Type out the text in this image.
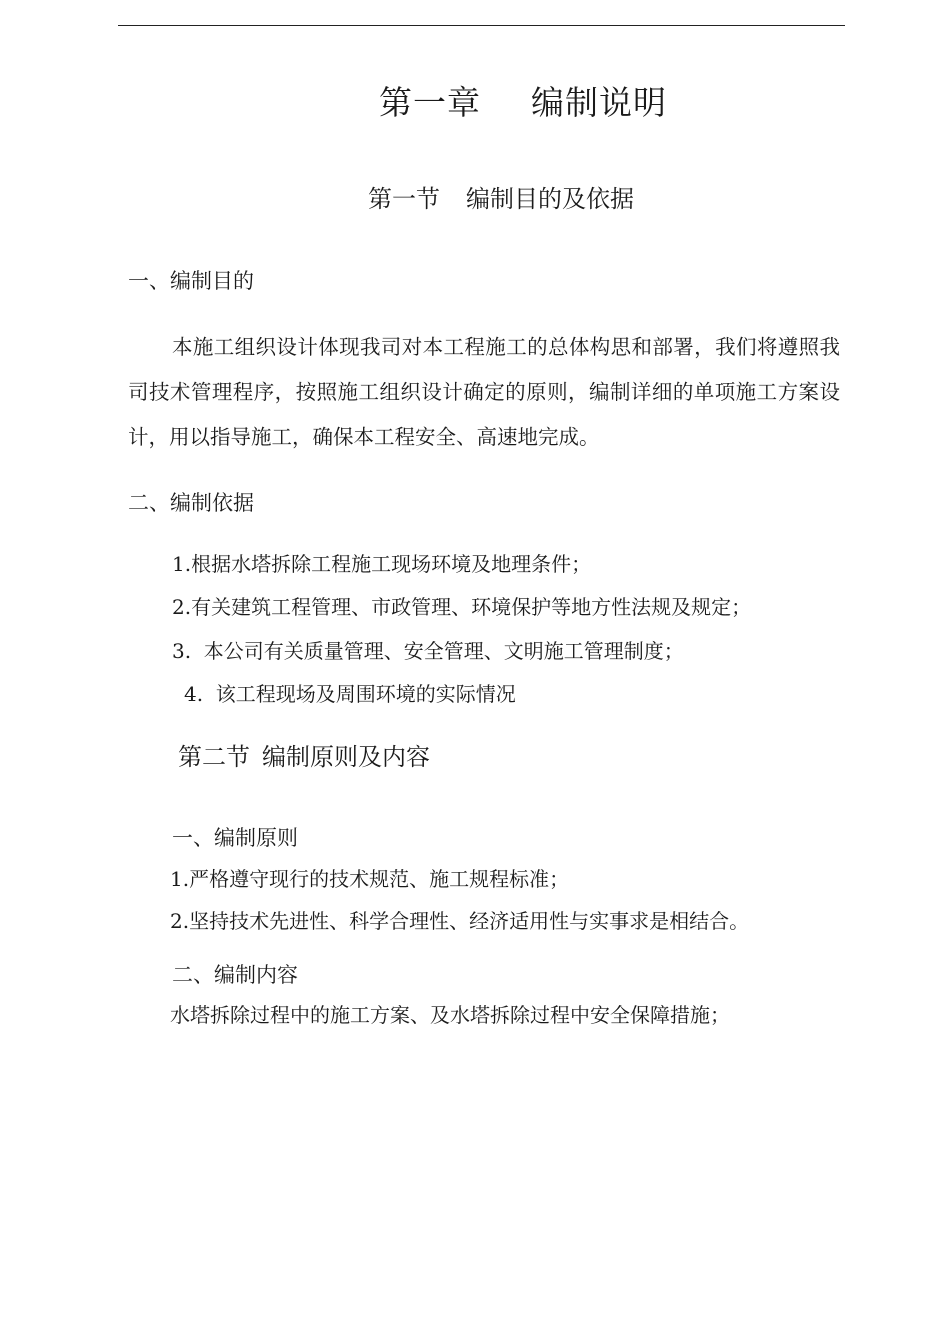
第一章 编制说明
第一节 编制目的及依据
一、编制目的
本施工组织设计体现我司对本工程施工的总体构思和部署，我们将遵照我司技术管理程序，按照施工组织设计确定的原则，编制详细的单项施工方案设计，用以指导施工，确保本工程安全、高速地完成。
二、编制依据
1.根据水塔拆除工程施工现场环境及地理条件；
2.有关建筑工程管理、市政管理、环境保护等地方性法规及规定；
3.  本公司有关质量管理、安全管理、文明施工管理制度；
4.  该工程现场及周围环境的实际情况
第二节 编制原则及内容
一、编制原则
1.严格遵守现行的技术规范、施工规程标准；
2.坚持技术先进性、科学合理性、经济适用性与实事求是相结合。
二、编制内容
水塔拆除过程中的施工方案、及水塔拆除过程中安全保障措施；
